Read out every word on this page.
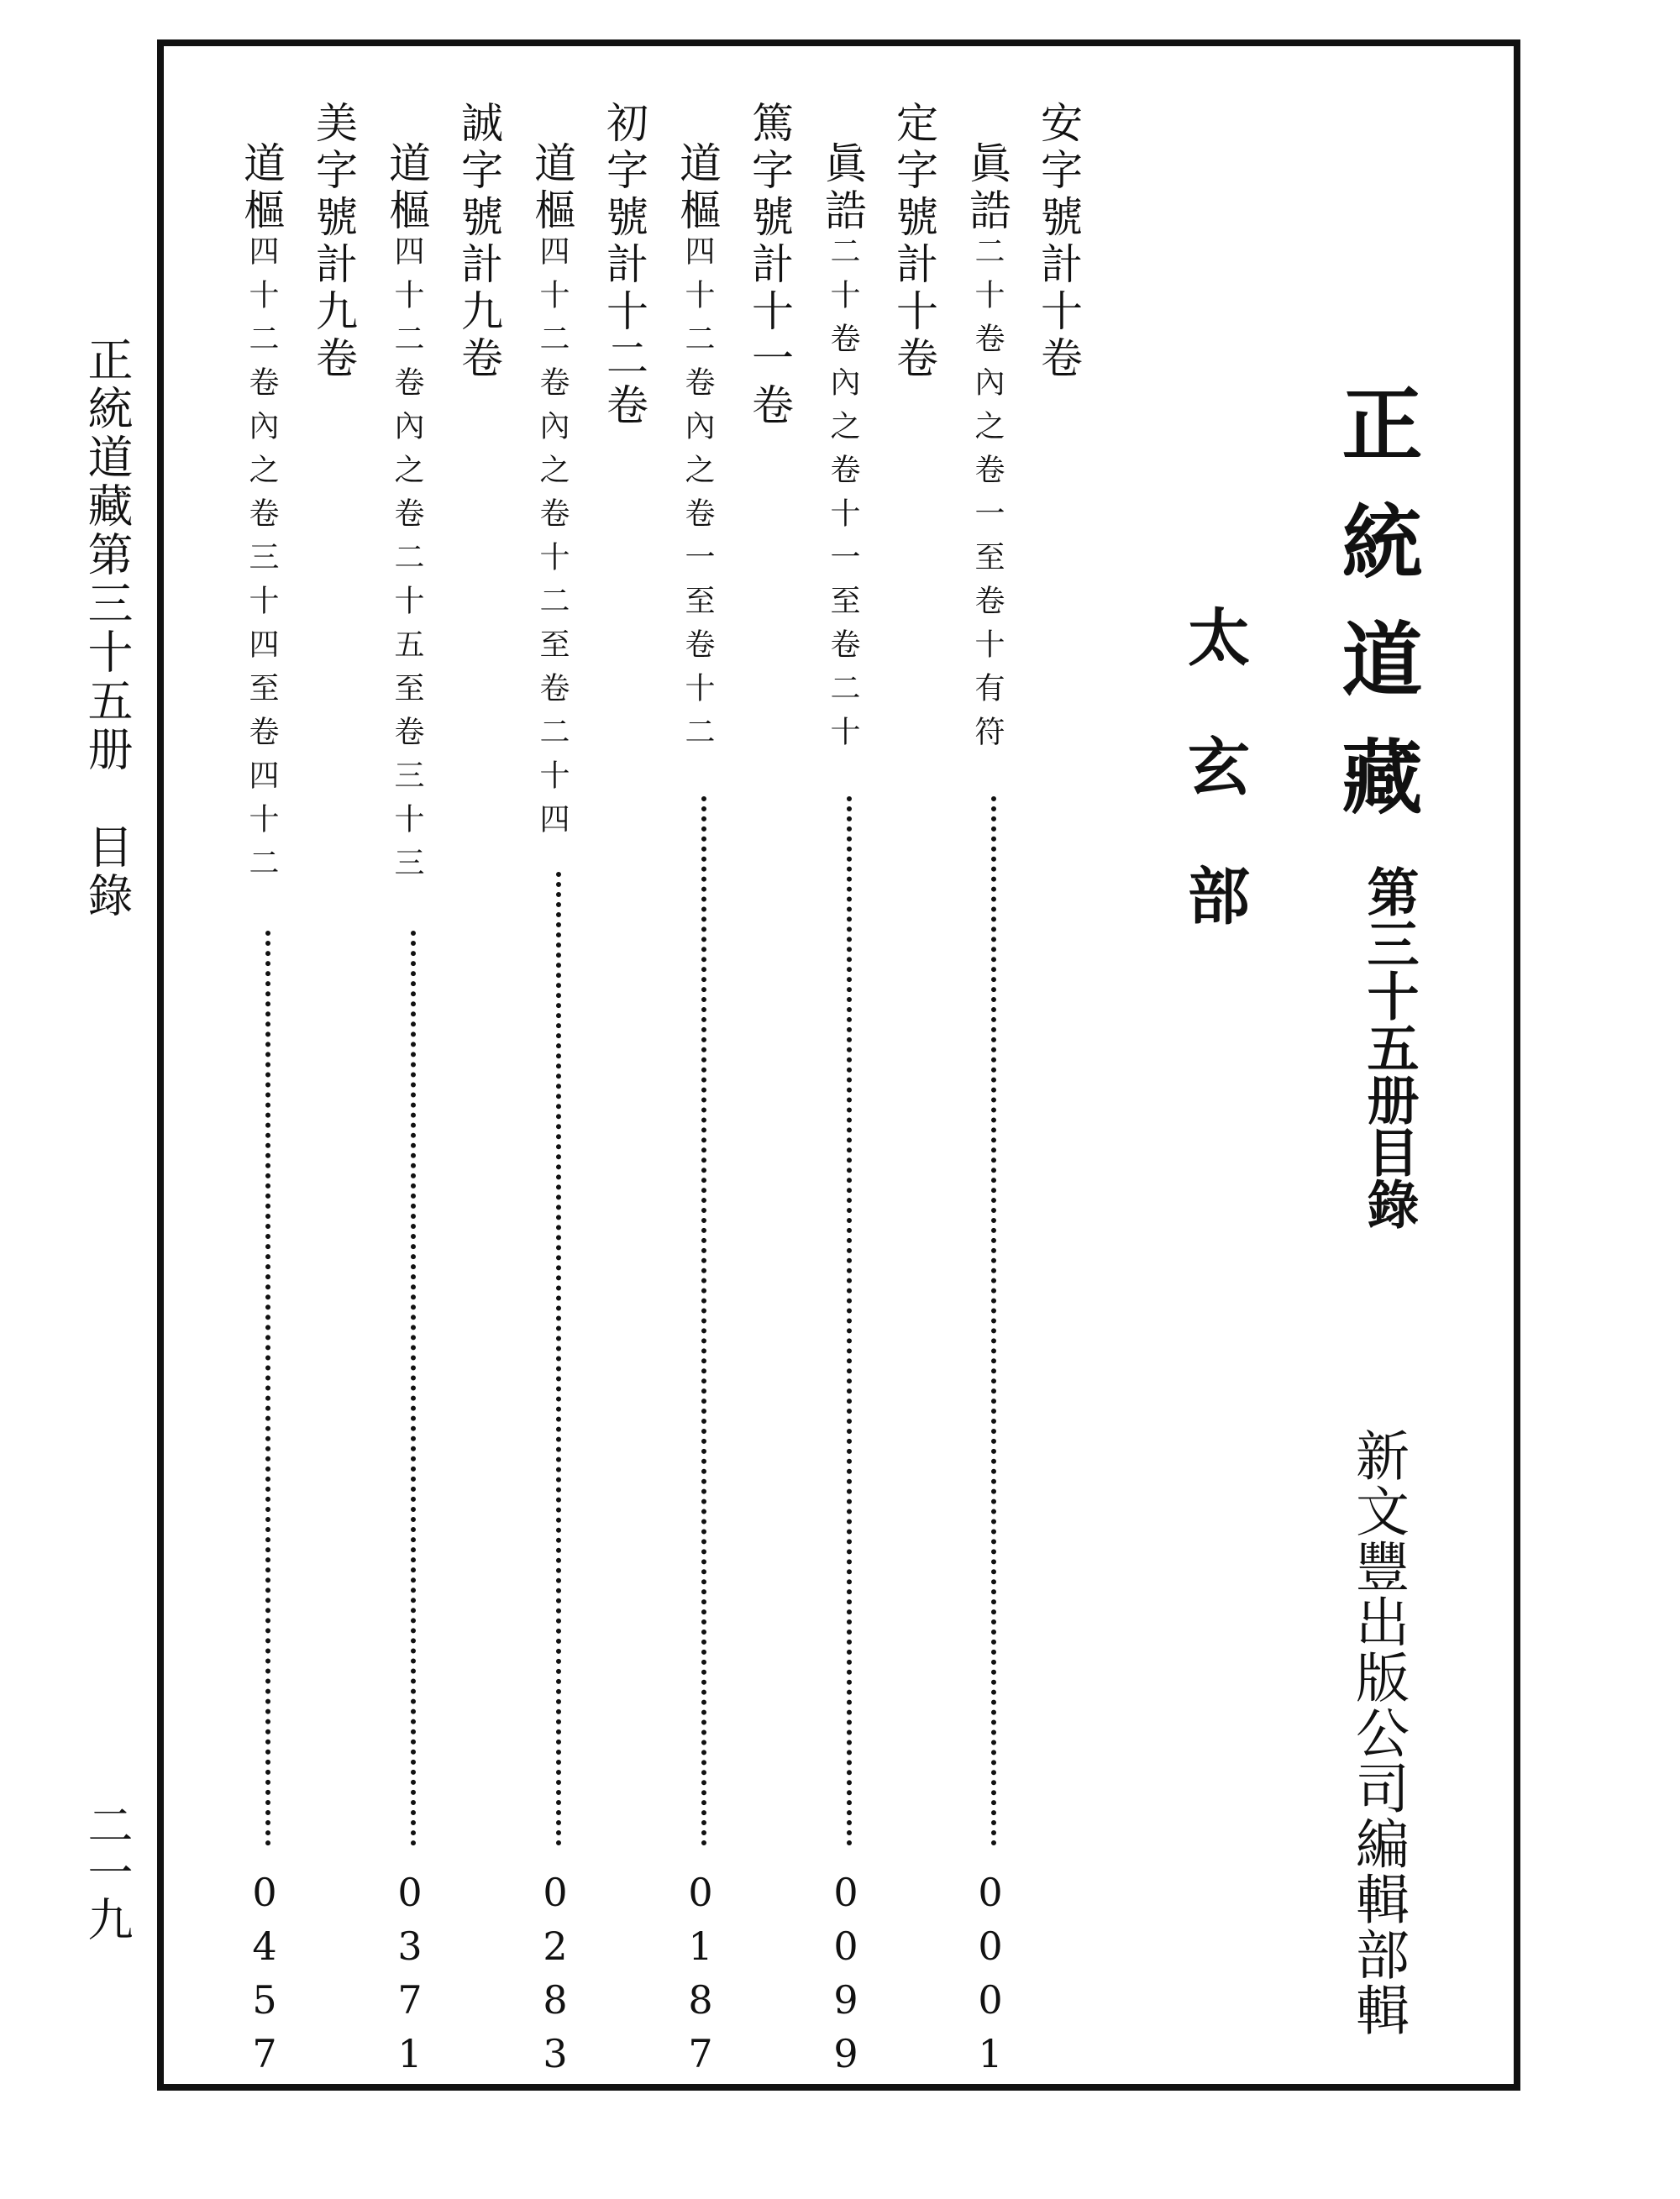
正統道藏
第三十五册目錄
新文豐出版公司編輯部輯
太玄部
安字號計十卷
定字號計十卷
篤字號計十一卷
初字號計十二卷
誠字號計九卷
美字號計九卷	眞誥二十卷內之卷一至卷十有符
0001
眞誥二十卷內之卷十一至卷二十
0099
道樞四十二卷內之卷一至卷十二
0187
道樞四十二卷內之卷十二至卷二十四
0283
道樞四十二卷內之卷二十五至卷三十三
0371
道樞四十二卷內之卷三十四至卷四十二
0457
正統道藏第三十五册　目錄
二一九
